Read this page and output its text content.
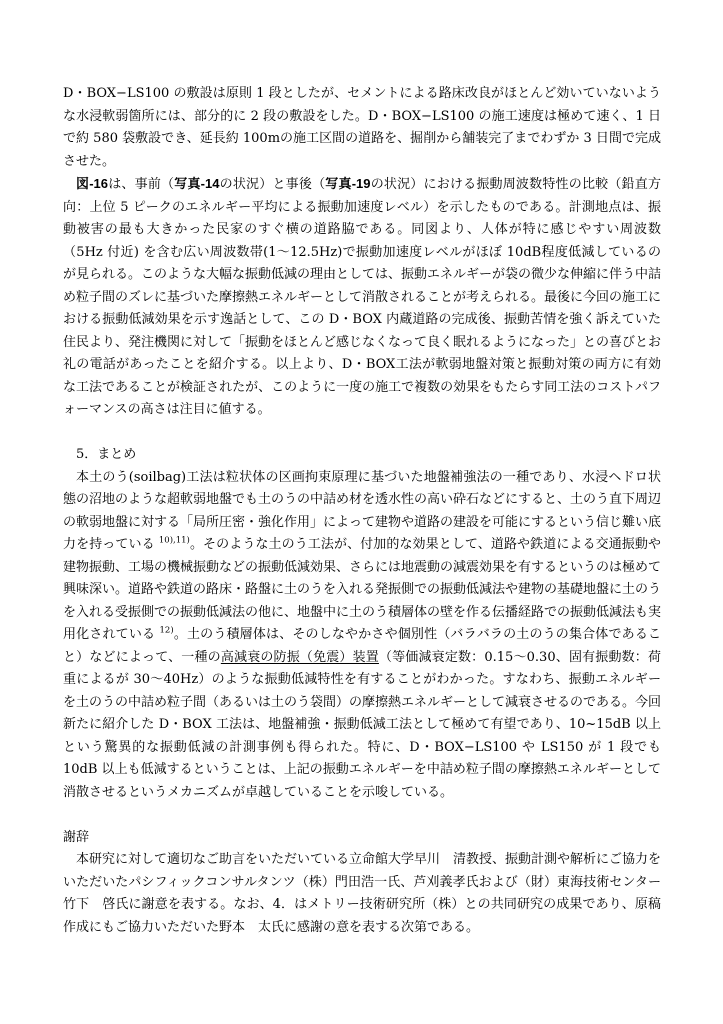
D・BOX−LS100 の敷設は原則 1 段としたが、セメントによる路床改良がほとんど効いていないような水浸軟弱箇所には、部分的に 2 段の敷設をした。D・BOX−LS100 の施工速度は極めて速く、1 日で約 580 袋敷設でき、延長約 100mの施工区間の道路を、掘削から舗装完了までわずか 3 日間で完成させた。

図-16は、事前（写真-14の状況）と事後（写真-19の状況）における振動周波数特性の比較（鉛直方向：上位 5 ピークのエネルギー平均による振動加速度レベル）を示したものである。計測地点は、振動被害の最も大きかった民家のすぐ横の道路脇である。同図より、人体が特に感じやすい周波数（5Hz 付近) を含む広い周波数帯(1〜12.5Hz)で振動加速度レベルがほぼ 10dB程度低減しているのが見られる。このような大幅な振動低減の理由としては、振動エネルギーが袋の微少な伸縮に伴う中詰め粒子間のズレに基づいた摩擦熱エネルギーとして消散されることが考えられる。最後に今回の施工における振動低減効果を示す逸話として、この D・BOX 内蔵道路の完成後、振動苦情を強く訴えていた住民より、発注機関に対して「振動をほとんど感じなくなって良く眠れるようになった」との喜びとお礼の電話があったことを紹介する。以上より、D・BOX工法が軟弱地盤対策と振動対策の両方に有効な工法であることが検証されたが、このように一度の施工で複数の効果をもたらす同工法のコストパフォーマンスの高さは注目に値する。

5．まとめ

本土のう(soilbag)工法は粒状体の区画拘束原理に基づいた地盤補強法の一種であり、水浸ヘドロ状態の沼地のような超軟弱地盤でも土のうの中詰め材を透水性の高い砕石などにすると、土のう直下周辺の軟弱地盤に対する「局所圧密・強化作用」によって建物や道路の建設を可能にするという信じ難い底力を持っている $^{10),11)}$。そのような土のう工法が、付加的な効果として、道路や鉄道による交通振動や建物振動、工場の機械振動などの振動低減効果、さらには地震動の減震効果を有するというのは極めて興味深い。道路や鉄道の路床・路盤に土のうを入れる発振側での振動低減法や建物の基礎地盤に土のうを入れる受振側での振動低減法の他に、地盤中に土のう積層体の壁を作る伝播経路での振動低減法も実用化されている $^{12)}$。土のう積層体は、そのしなやかさや個別性（バラバラの土のうの集合体であること）などによって、一種の高減衰の防振（免震）装置（等価減衰定数：0.15〜0.30、固有振動数：荷重によるが 30〜40Hz）のような振動低減特性を有することがわかった。すなわち、振動エネルギーを土のうの中詰め粒子間（あるいは土のう袋間）の摩擦熱エネルギーとして減衰させるのである。今回新たに紹介した D・BOX 工法は、地盤補強・振動低減工法として極めて有望であり、10~15dB 以上という驚異的な振動低減の計測事例も得られた。特に、D・BOX−LS100 や LS150 が 1 段でも 10dB 以上も低減するということは、上記の振動エネルギーを中詰め粒子間の摩擦熱エネルギーとして消散させるというメカニズムが卓越していることを示唆している。

謝辞

本研究に対して適切なご助言をいただいている立命館大学早川　清教授、振動計測や解析にご協力をいただいたパシフィックコンサルタンツ（株）門田浩一氏、芦刈義孝氏および（財）東海技術センター竹下　啓氏に謝意を表する。なお、4．はメトリー技術研究所（株）との共同研究の成果であり、原稿作成にもご協力いただいた野本　太氏に感謝の意を表する次第である。
